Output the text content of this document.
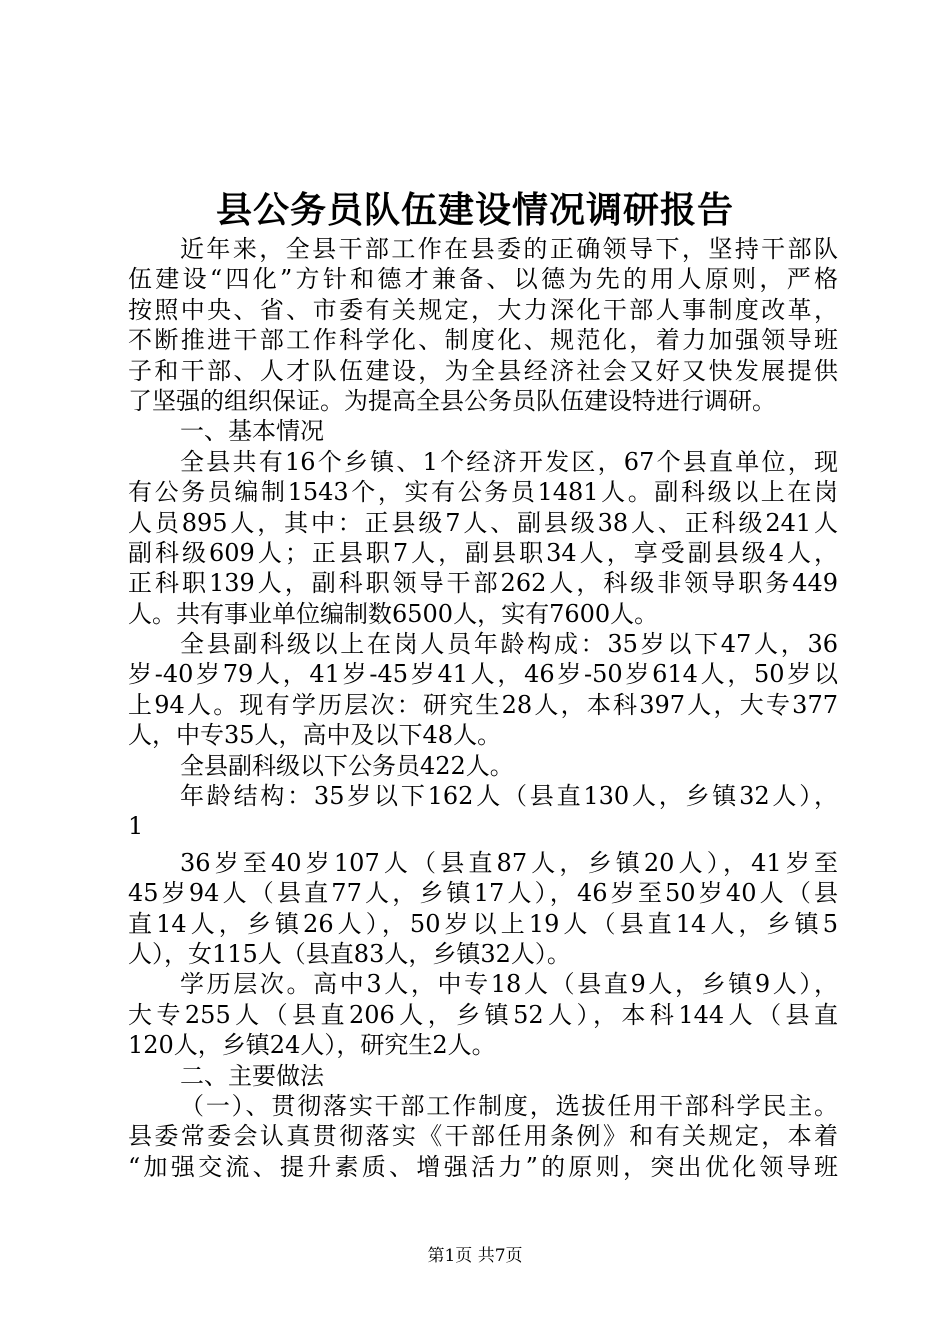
县公务员队伍建设情况调研报告
近年来，全县干部工作在县委的正确领导下，坚持干部队
伍建设“四化”方针和德才兼备、以德为先的用人原则，严格
按照中央、省、市委有关规定，大力深化干部人事制度改革，
不断推进干部工作科学化、制度化、规范化，着力加强领导班
子和干部、人才队伍建设，为全县经济社会又好又快发展提供
了坚强的组织保证。为提高全县公务员队伍建设特进行调研。
一、基本情况
全县共有16个乡镇、1个经济开发区，67个县直单位，现
有公务员编制1543个，实有公务员1481人。副科级以上在岗
人员895人，其中：正县级7人、副县级38人、正科级241人
副科级609人；正县职7人，副县职34人，享受副县级4人，
正科职139人，副科职领导干部262人，科级非领导职务449
人。共有事业单位编制数6500人，实有7600人。
全县副科级以上在岗人员年龄构成：35岁以下47人，36
岁-40岁79人，41岁-45岁41人，46岁-50岁614人，50岁以
上94人。现有学历层次：研究生28人，本科397人，大专377
人，中专35人，高中及以下48人。
全县副科级以下公务员422人。
年龄结构：35岁以下162人（县直130人，乡镇32人），
1
36岁至40岁107人（县直87人，乡镇20人），41岁至
45岁94人（县直77人，乡镇17人），46岁至50岁40人（县
直14人，乡镇26人），50岁以上19人（县直14人，乡镇5
人），女115人（县直83人，乡镇32人）。
学历层次。高中3人，中专18人（县直9人，乡镇9人），
大专255人（县直206人，乡镇52人），本科144人（县直
120人，乡镇24人），研究生2人。
二、主要做法
（一）、贯彻落实干部工作制度，选拔任用干部科学民主。
县委常委会认真贯彻落实《干部任用条例》和有关规定，本着
“加强交流、提升素质、增强活力”的原则，突出优化领导班
第1页 共7页
